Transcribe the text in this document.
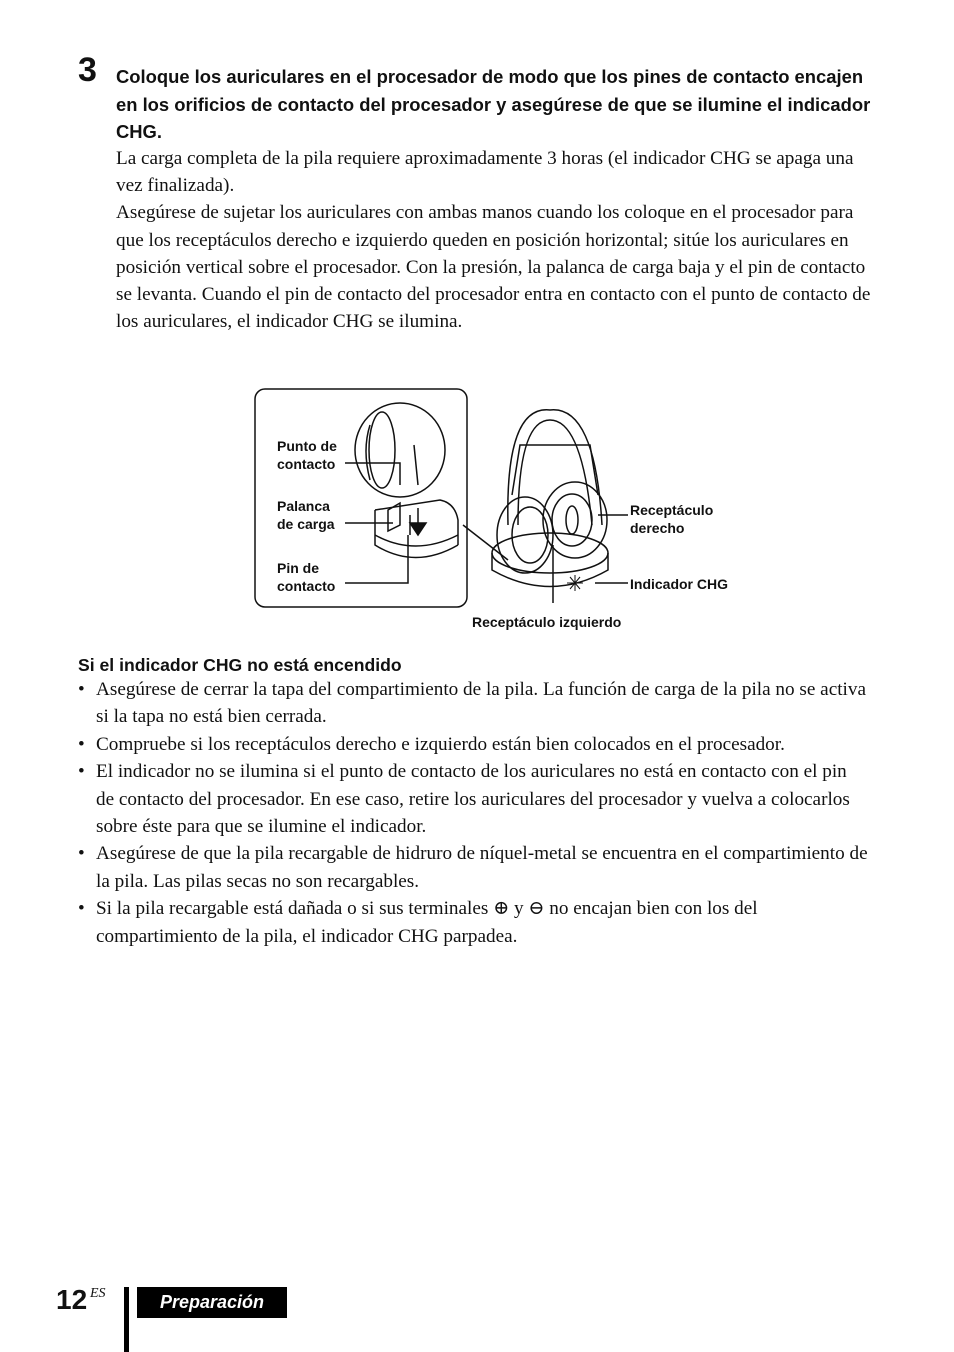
3 Coloque los auriculares en el procesador de modo que los pines de contacto encajen en los orificios de contacto del procesador y asegúrese de que se ilumine el indicador CHG.

La carga completa de la pila requiere aproximadamente 3 horas (el indicador CHG se apaga una vez finalizada).

Asegúrese de sujetar los auriculares con ambas manos cuando los coloque en el procesador para que los receptáculos derecho e izquierdo queden en posición horizontal; sitúe los auriculares en posición vertical sobre el procesador. Con la presión, la palanca de carga baja y el pin de contacto se levanta. Cuando el pin de contacto del procesador entra en contacto con el punto de contacto de los auriculares, el indicador CHG se ilumina.

Punto de
contacto
Palanca
de carga
Pin de
contacto
Receptáculo
derecho
Indicador CHG
Receptáculo izquierdo
Si el indicador CHG no está encendido
• Asegúrese de cerrar la tapa del compartimiento de la pila. La función de carga de la pila no se activa si la tapa no está bien cerrada.
• Compruebe si los receptáculos derecho e izquierdo están bien colocados en el procesador.
• El indicador no se ilumina si el punto de contacto de los auriculares no está en contacto con el pin de contacto del procesador. En ese caso, retire los auriculares del procesador y vuelva a colocarlos sobre éste para que se ilumine el indicador.
• Asegúrese de que la pila recargable de hidruro de níquel-metal se encuentra en el compartimiento de la pila. Las pilas secas no son recargables.
• Si la pila recargable está dañada o si sus terminales ⊕ y ⊖ no encajan bien con los del compartimiento de la pila, el indicador CHG parpadea.
12 ES	Preparación
